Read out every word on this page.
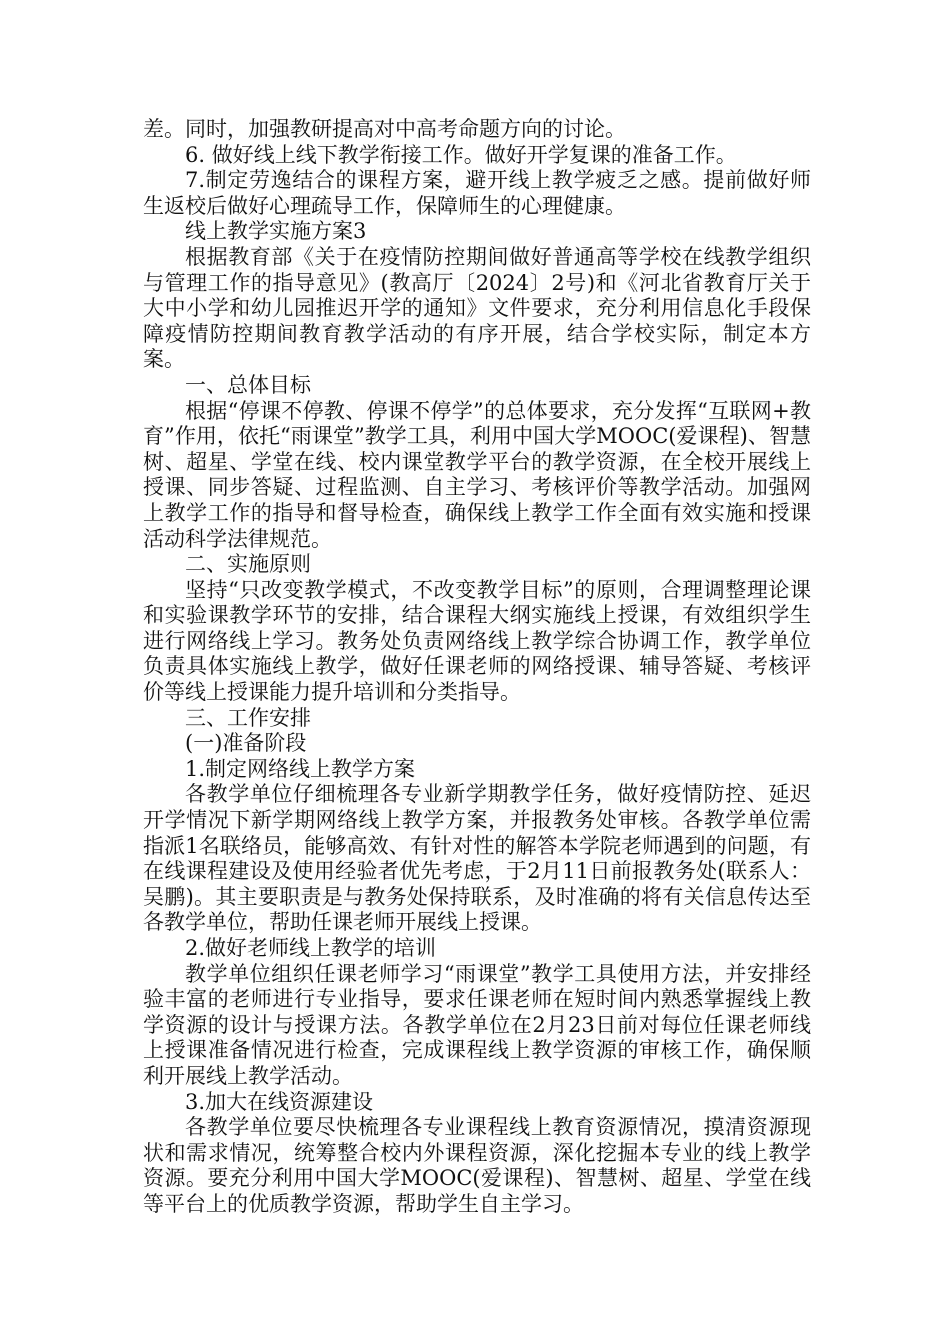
差。同时，加强教研提高对中高考命题方向的讨论。

6. 做好线上线下教学衔接工作。做好开学复课的准备工作。

7.制定劳逸结合的课程方案，避开线上教学疲乏之感。提前做好师生返校后做好心理疏导工作，保障师生的心理健康。

线上教学实施方案3

根据教育部《关于在疫情防控期间做好普通高等学校在线教学组织与管理工作的指导意见》(教高厅〔2024〕2号)和《河北省教育厅关于大中小学和幼儿园推迟开学的通知》文件要求，充分利用信息化手段保障疫情防控期间教育教学活动的有序开展，结合学校实际，制定本方案。

一、总体目标

根据“停课不停教、停课不停学”的总体要求，充分发挥“互联网+教育”作用，依托“雨课堂”教学工具，利用中国大学MOOC(爱课程)、智慧树、超星、学堂在线、校内课堂教学平台的教学资源，在全校开展线上授课、同步答疑、过程监测、自主学习、考核评价等教学活动。加强网上教学工作的指导和督导检查，确保线上教学工作全面有效实施和授课活动科学法律规范。

二、实施原则

坚持“只改变教学模式，不改变教学目标”的原则，合理调整理论课和实验课教学环节的安排，结合课程大纲实施线上授课，有效组织学生进行网络线上学习。教务处负责网络线上教学综合协调工作，教学单位负责具体实施线上教学，做好任课老师的网络授课、辅导答疑、考核评价等线上授课能力提升培训和分类指导。

三、工作安排

(一)准备阶段

1.制定网络线上教学方案

各教学单位仔细梳理各专业新学期教学任务，做好疫情防控、延迟开学情况下新学期网络线上教学方案，并报教务处审核。各教学单位需指派1名联络员，能够高效、有针对性的解答本学院老师遇到的问题，有在线课程建设及使用经验者优先考虑，于2月11日前报教务处(联系人：吴鹏)。其主要职责是与教务处保持联系，及时准确的将有关信息传达至各教学单位，帮助任课老师开展线上授课。

2.做好老师线上教学的培训

教学单位组织任课老师学习“雨课堂”教学工具使用方法，并安排经验丰富的老师进行专业指导，要求任课老师在短时间内熟悉掌握线上教学资源的设计与授课方法。各教学单位在2月23日前对每位任课老师线上授课准备情况进行检查，完成课程线上教学资源的审核工作，确保顺利开展线上教学活动。

3.加大在线资源建设

各教学单位要尽快梳理各专业课程线上教育资源情况，摸清资源现状和需求情况，统筹整合校内外课程资源，深化挖掘本专业的线上教学资源。要充分利用中国大学MOOC(爱课程)、智慧树、超星、学堂在线等平台上的优质教学资源，帮助学生自主学习。
